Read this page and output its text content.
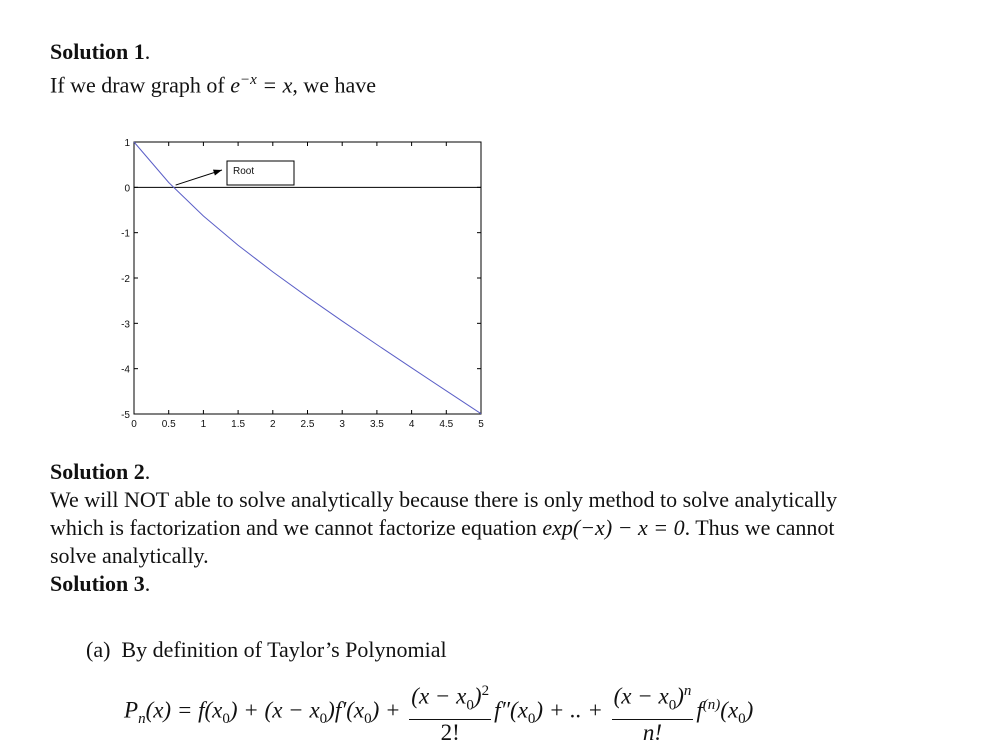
Solution 1.
If we draw graph of $e^{-x} = x$, we have
0 0.5 1 1.5 2 2.5 3 3.5 4 4.5 5
1
0
-1
-2
-3
-4
-5
Root
Solution 2.
We will NOT able to solve analytically because there is only method to solve analytically
which is factorization and we cannot factorize equation exp(−x) − x = 0. Thus we cannot
solve analytically.
Solution 3.
(a) By definition of Taylor’s Polynomial
$P_n(x) = f(x_0) + (x - x_0)f'(x_0) + \frac{(x - x_0)^2}{2!} f''(x_0)$ + .. + $\frac{(x - x_0)^n}{n!} f^{(n)}(x_0)$
